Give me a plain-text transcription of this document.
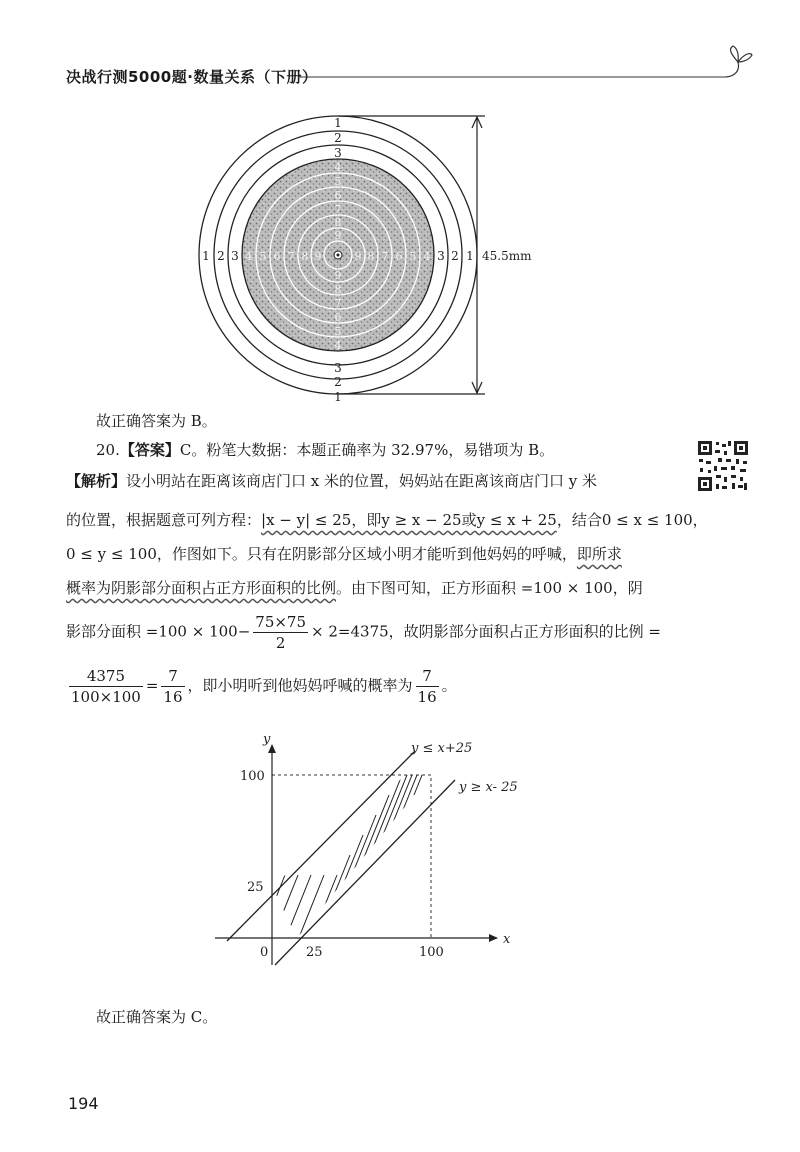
决战行测5000题·数量关系（下册）
1
2
3
3
2
1
1 2 3	3 2 1
4
5
6
7
8
9
9
8
7
6
5
4
4 5 6 7 8 9	9 8 7 6 5 4	45.5mm
故正确答案为 B。
20.【答案】C。粉笔大数据：本题正确率为 32.97%，易错项为 B。
【解析】设小明站在距离该商店门口 x 米的位置，妈妈站在距离该商店门口 y 米
的位置，根据题意可列方程：|x − y| ≤ 25，即y ≥ x − 25或y ≤ x + 25，结合0 ≤ x ≤ 100，
0 ≤ y ≤ 100，作图如下。只有在阴影部分区域小明才能听到他妈妈的呼喊，即所求
概率为阴影部分面积占正方形面积的比例。由下图可知，正方形面积 =100 × 100，阴
影部分面积 $=100 \times 100- \frac{75\times 75}{2} \times 2=4375$，故阴影部分面积占正方形面积的比例 =
$\frac{4375}{100\times 100} = \frac{7}{16}$ ，即小明听到他妈妈呼喊的概率为 $\frac{7}{16}$ 。
y
x
0	25	100
25
100
y ≤ x+25
y ≥ x- 25
故正确答案为 C。
194
